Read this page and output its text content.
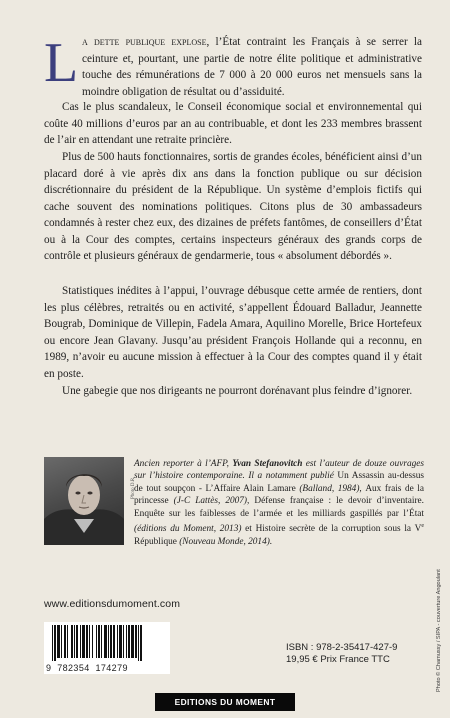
L a dette publique explose, l’État contraint les Français à se serrer la ceinture et, pourtant, une partie de notre élite politique et administrative touche des rémunérations de 7 000 à 20 000 euros net mensuels sans la moindre obligation de résultat ou d’assiduité.

Cas le plus scandaleux, le Conseil économique social et environnemental qui coûte 40 millions d’euros par an au contribuable, et dont les 233 membres brassent de l’air en attendant une retraite princière.

Plus de 500 hauts fonctionnaires, sortis de grandes écoles, bénéficient ainsi d’un placard doré à vie après dix ans dans la fonction publique ou sur décision discrétionnaire du président de la République. Un système d’emplois fictifs qui cache souvent des nominations politiques. Citons plus de 30 ambassadeurs condamnés à rester chez eux, des dizaines de préfets fantômes, de conseillers d’État ou à la Cour des comptes, certains inspecteurs généraux des grands corps de contrôle et plusieurs généraux de gendarmerie, tous « absolument débordés ».

Statistiques inédites à l’appui, l’ouvrage débusque cette armée de rentiers, dont les plus célèbres, retraités ou en activité, s’appellent Édouard Balladur, Jeannette Bougrab, Dominique de Villepin, Fadela Amara, Aquilino Morelle, Brice Hortefeux ou encore Jean Glavany. Jusqu’au président François Hollande qui a reconnu, en 1989, n’avoir eu aucune mission à effectuer à la Cour des comptes quand il y était en poste.

Une gabegie que nos dirigeants ne pourront dorénavant plus feindre d’ignorer.

Photo D.R.
Ancien reporter à l’AFP, Yvan Stefanovitch est l’auteur de douze ouvrages sur l’histoire contemporaine. Il a notamment publié Un Assassin au-dessus de tout soupçon - L’Affaire Alain Lamare (Balland, 1984), Aux frais de la princesse (J-C Lattès, 2007), Défense française : le devoir d’inventaire. Enquête sur les faiblesses de l’armée et les milliards gaspillés par l’État (éditions du Moment, 2013) et Histoire secrète de la corruption sous la Ve République (Nouveau Monde, 2014).
www.editionsdumoment.com
9 782354 174279
ISBN : 978-2-35417-427-9
19,95 € Prix France TTC	Photo © Chamussy / SIPA - couverture Angoulant
EDITIONS DU MOMENT
